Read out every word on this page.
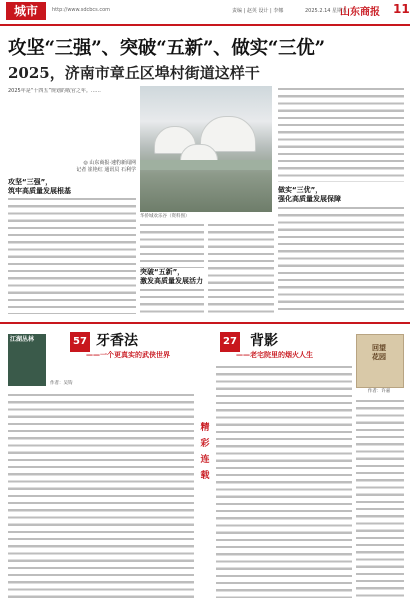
城市	http://www.sdcbcs.com	责编 | 赵英 设计 | 李娜	2025.2.14 星期五
山东商报 11
攻坚“三强”、突破“五新”、做实“三优”
2025，济南市章丘区埠村街道这样干
2025年是“十四五”规划的收官之年。……
◎ 山东商报·速豹新闻网
记者 崔艳红 通讯员 石利学
华侨城欢乐谷（资料图）
做实“三优”，
强化高质量发展保障
攻坚“三强”，
筑牢高质量发展根基
突破“五新”，
激发高质量发展活力
江湖丛林
作者：吴钩
57 牙香法
——一个更真实的武侠世界
精
彩
连
载
27 背影
——老宅院里的烟火人生
回望
花园
作者：许嘉
